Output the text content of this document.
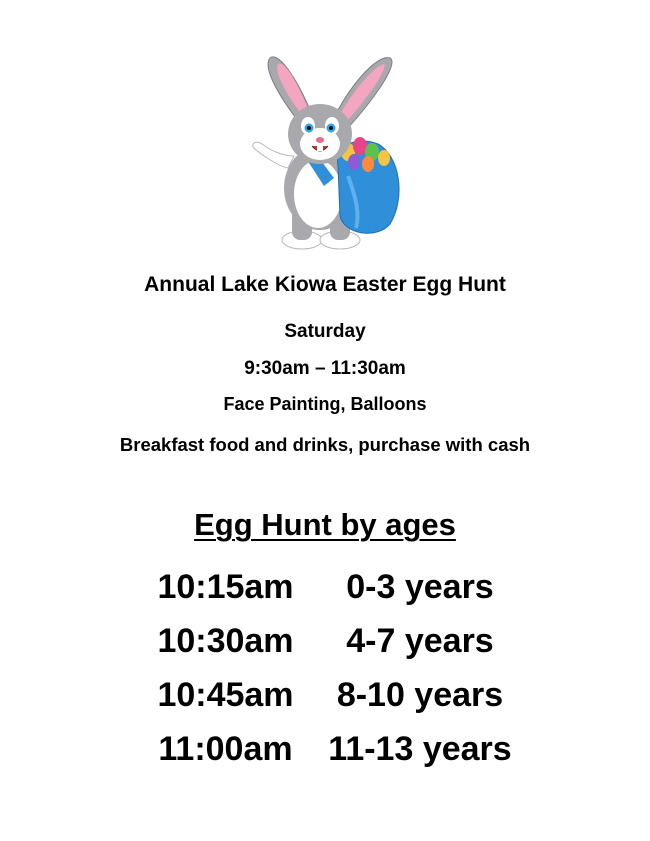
Annual Lake Kiowa Easter Egg Hunt
Saturday
9:30am – 11:30am
Face Painting, Balloons
Breakfast food and drinks, purchase with cash
Egg Hunt by ages
10:15am	0-3 years
10:30am	4-7 years
10:45am	8-10 years
11:00am	11-13 years
